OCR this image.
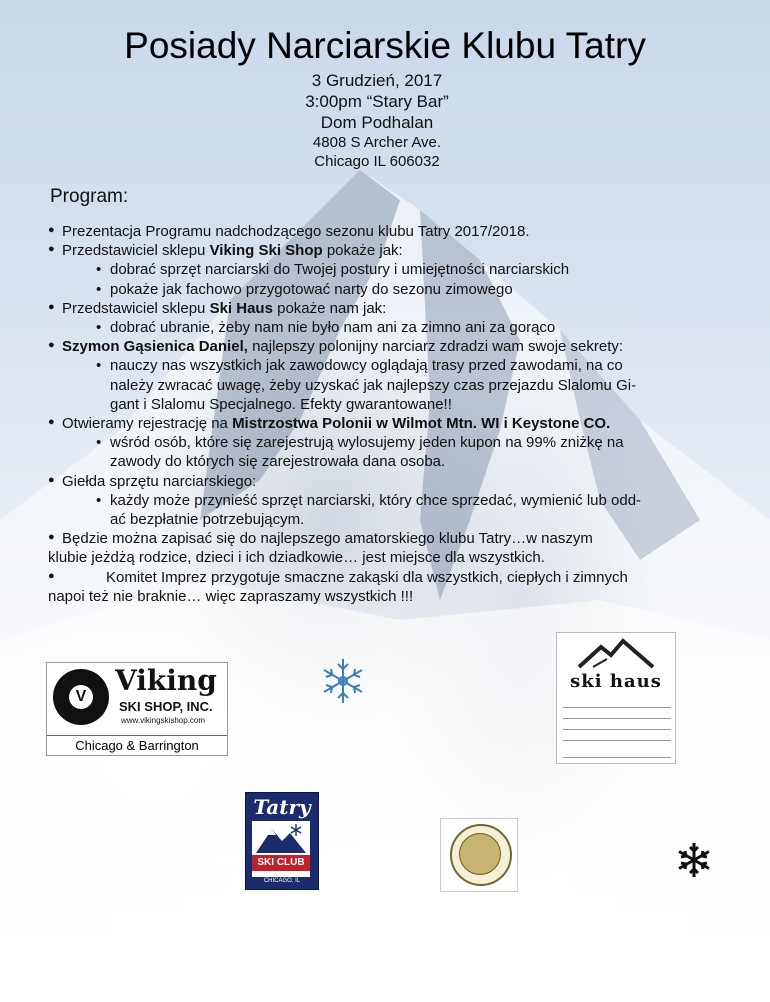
Posiady Narciarskie Klubu Tatry
3 Grudzień, 2017
3:00pm “Stary Bar”
Dom Podhalan
4808 S Archer Ave.
Chicago IL 606032
Program:
● Prezentacja Programu nadchodzącego sezonu klubu Tatry 2017/2018.
● Przedstawiciel sklepu Viking Ski Shop pokaże jak:
• dobrać sprzęt narciarski do Twojej postury i umiejętności narciarskich
• pokaże jak fachowo przygotować narty do sezonu zimowego
● Przedstawiciel sklepu Ski Haus pokaże nam jak:
• dobrać ubranie, żeby nam nie było nam ani za zimno ani za gorąco
● Szymon Gąsienica Daniel, najlepszy polonijny narciarz zdradzi wam swoje sekrety:
• nauczy nas wszystkich jak zawodowcy oglądają trasy przed zawodami, na co
należy zwracać uwagę, żeby uzyskać jak najlepszy czas przejazdu Slalomu Gi-
gant i Slalomu Specjalnego. Efekty gwarantowane!!
● Otwieramy rejestrację na Mistrzostwa Polonii w Wilmot Mtn. WI i Keystone CO.
• wśród osób, które się zarejestrują wylosujemy jeden kupon na 99% zniżkę na
zawody do których się zarejestrowała dana osoba.
● Giełda sprzętu narciarskiego:
• każdy może przynieść sprzęt narciarski, który chce sprzedać, wymienić lub odd-
ać bezpłatnie potrzebującym.
● Będzie można zapisać się do najlepszego amatorskiego klubu Tatry…w naszym
klubie jeżdżą rodzice, dzieci i ich dziadkowie… jest miejsce dla wszystkich.
● Komitet Imprez przygotuje smaczne zakąski dla wszystkich, ciepłych i zimnych
napoi też nie braknie… więc zapraszamy wszystkich !!!
V Viking
SKI SHOP, INC.
www.vikingskishop.com
Chicago & Barrington
ski haus
Tatry
SKI CLUB
CHICAGO, IL
